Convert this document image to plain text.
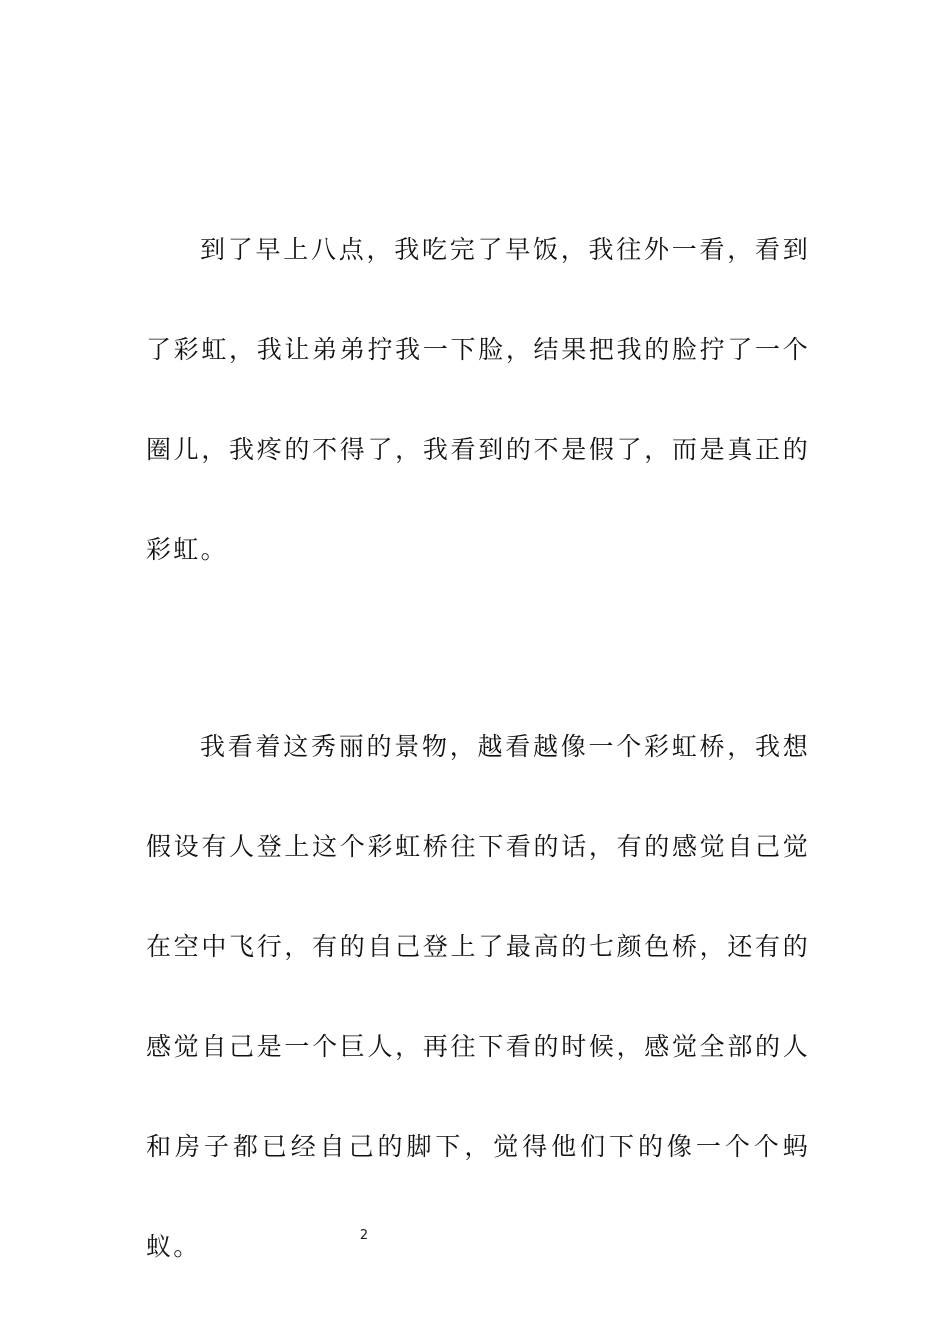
到了早上八点，我吃完了早饭，我往外一看，看到了彩虹，我让弟弟拧我一下脸，结果把我的脸拧了一个圈儿，我疼的不得了，我看到的不是假了，而是真正的彩虹。

我看着这秀丽的景物，越看越像一个彩虹桥，我想假设有人登上这个彩虹桥往下看的话，有的感觉自己觉在空中飞行，有的自己登上了最高的七颜色桥，还有的感觉自己是一个巨人，再往下看的时候，感觉全部的人和房子都已经自己的脚下，觉得他们下的像一个个蚂蚁。	2
